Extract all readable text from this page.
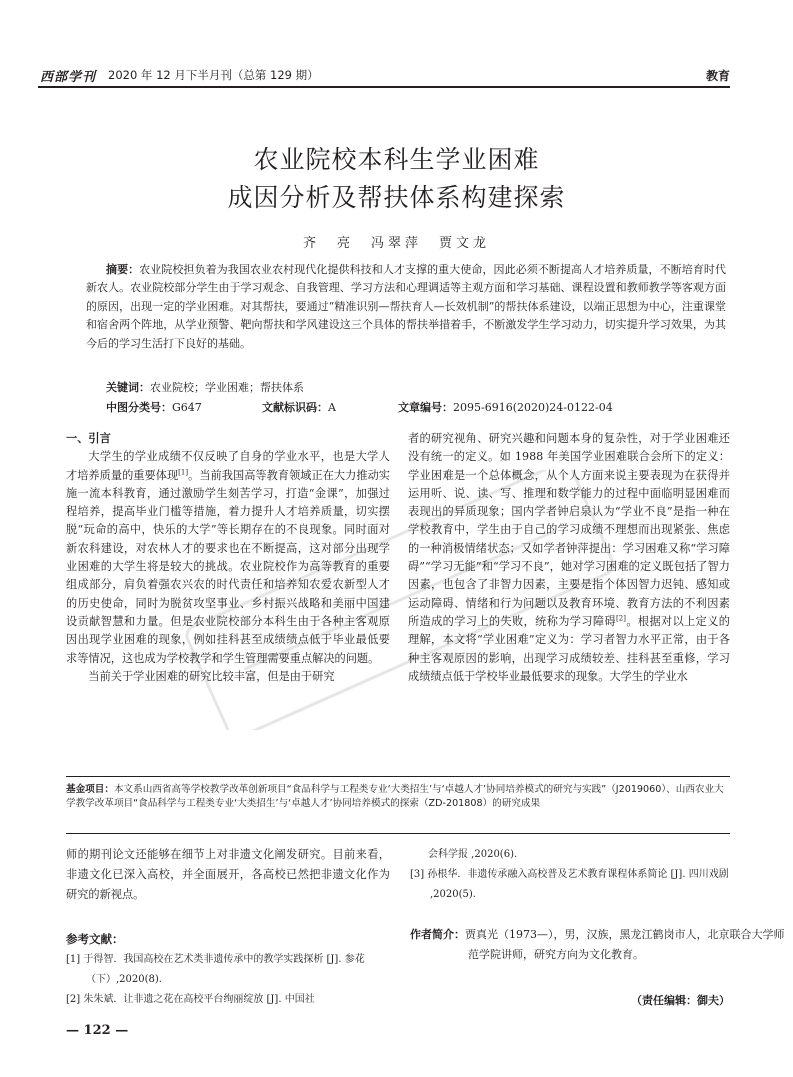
西部学刊 2020 年 12 月下半月刊（总第 129 期）	教育
农业院校本科生学业困难
成因分析及帮扶体系构建探索
齐　亮　冯翠萍　贾文龙
摘要：农业院校担负着为我国农业农村现代化提供科技和人才支撑的重大使命，因此必须不断提高人才培养质量，不断培育时代新农人。农业院校部分学生由于学习观念、自我管理、学习方法和心理调适等主观方面和学习基础、课程设置和教师教学等客观方面的原因，出现一定的学业困难。对其帮扶，要通过“精准识别—帮扶育人—长效机制”的帮扶体系建设，以端正思想为中心，注重课堂和宿舍两个阵地，从学业预警、靶向帮扶和学风建设这三个具体的帮扶举措着手，不断激发学生学习动力，切实提升学习效果，为其今后的学习生活打下良好的基础。
关键词：农业院校；学业困难；帮扶体系
中图分类号：G647	文献标识码：A	文章编号：2095-6916(2020)24-0122-04

一、引言

大学生的学业成绩不仅反映了自身的学业水平，也是大学人才培养质量的重要体现[1]。当前我国高等教育领域正在大力推动实施一流本科教育，通过激励学生刻苦学习，打造“金课”，加强过程培养，提高毕业门槛等措施，着力提升人才培养质量，切实摆脱“玩命的高中，快乐的大学”等长期存在的不良现象。同时面对新农科建设，对农林人才的要求也在不断提高，这对部分出现学业困难的大学生将是较大的挑战。农业院校作为高等教育的重要组成部分，肩负着强农兴农的时代责任和培养知农爱农新型人才的历史使命，同时为脱贫攻坚事业、乡村振兴战略和美丽中国建设贡献智慧和力量。但是农业院校部分本科生由于各种主客观原因出现学业困难的现象，例如挂科甚至成绩绩点低于毕业最低要求等情况，这也成为学校教学和学生管理需要重点解决的问题。

当前关于学业困难的研究比较丰富，但是由于研究

者的研究视角、研究兴趣和问题本身的复杂性，对于学业困难还没有统一的定义。如 1988 年美国学业困难联合会所下的定义：学业困难是一个总体概念，从个人方面来说主要表现为在获得并运用听、说、读、写、推理和数学能力的过程中面临明显困难而表现出的异质现象；国内学者钟启泉认为“学业不良”是指一种在学校教育中，学生由于自己的学习成绩不理想而出现紧张、焦虑的一种消极情绪状态；又如学者钟萍提出：学习困难又称“学习障碍”“学习无能”和“学习不良”，她对学习困难的定义既包括了智力因素，也包含了非智力因素，主要是指个体因智力迟钝、感知或运动障碍、情绪和行为问题以及教育环境、教育方法的不利因素所造成的学习上的失败，统称为学习障碍[2]。根据对以上定义的理解，本文将“学业困难”定义为：学习者智力水平正常，由于各种主客观原因的影响，出现学习成绩较差、挂科甚至重修，学习成绩绩点低于学校毕业最低要求的现象。大学生的学业水

基金项目：本文系山西省高等学校教学改革创新项目“食品科学与工程类专业‘大类招生’与‘卓越人才’协同培养模式的研究与实践”（J2019060）、山西农业大学教学改革项目“食品科学与工程类专业‘大类招生’与‘卓越人才’协同培养模式的探索（ZD-201808）的研究成果
师的期刊论文还能够在细节上对非遗文化阐发研究。目前来看，非遗文化已深入高校，并全面展开，各高校已然把非遗文化作为研究的新视点。
参考文献：
[1] 于得智．我国高校在艺术类非遗传承中的教学实践探析 [J]. 参花（下）,2020(8).
[2] 朱朱斌．让非遗之花在高校平台绚丽绽放 [J]. 中国社
会科学报 ,2020(6).
[3] 孙根华．非遗传承融入高校普及艺术教育课程体系简论 [J]. 四川戏剧 ,2020(5).
作者简介：贾真光（1973—），男，汉族，黑龙江鹤岗市人，北京联合大学师范学院讲师，研究方向为文化教育。
（责任编辑：御夫）
— 122 —
